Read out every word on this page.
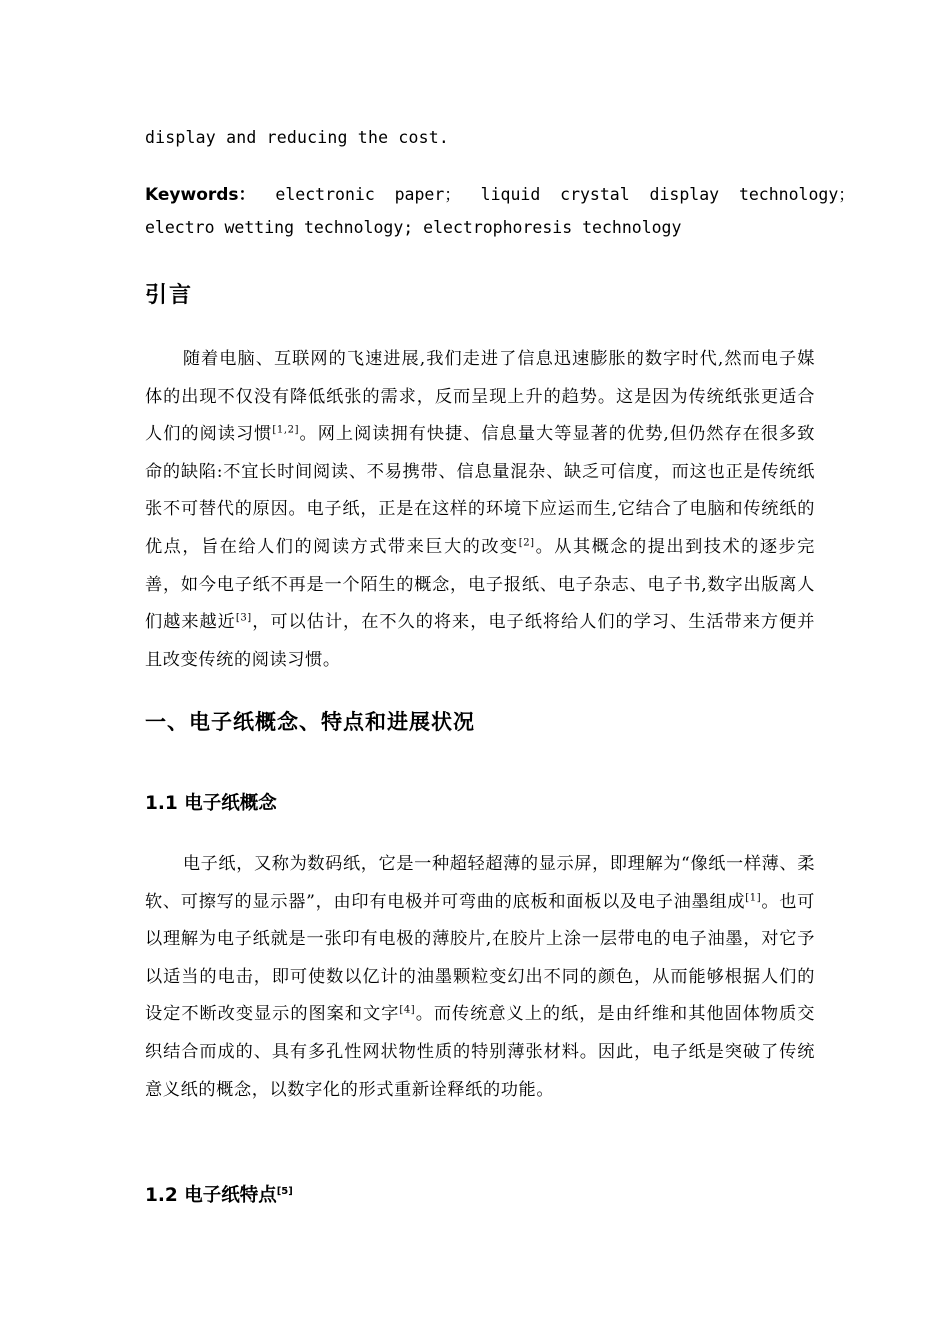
display and reducing the cost.
Keywords： electronic  paper；  liquid  crystal  display  technology；
electro wetting technology; electrophoresis technology
引言

随着电脑、互联网的飞速进展,我们走进了信息迅速膨胀的数字时代,然而电子媒体的出现不仅没有降低纸张的需求，反而呈现上升的趋势。这是因为传统纸张更适合人们的阅读习惯[1,2]。网上阅读拥有快捷、信息量大等显著的优势,但仍然存在很多致命的缺陷:不宜长时间阅读、不易携带、信息量混杂、缺乏可信度，而这也正是传统纸张不可替代的原因。电子纸，正是在这样的环境下应运而生,它结合了电脑和传统纸的优点，旨在给人们的阅读方式带来巨大的改变[2]。从其概念的提出到技术的逐步完善，如今电子纸不再是一个陌生的概念，电子报纸、电子杂志、电子书,数字出版离人们越来越近[3]，可以估计，在不久的将来，电子纸将给人们的学习、生活带来方便并且改变传统的阅读习惯。

一、电子纸概念、特点和进展状况
1.1 电子纸概念

电子纸，又称为数码纸，它是一种超轻超薄的显示屏，即理解为“像纸一样薄、柔软、可擦写的显示器”，由印有电极并可弯曲的底板和面板以及电子油墨组成[1]。也可以理解为电子纸就是一张印有电极的薄胶片,在胶片上涂一层带电的电子油墨，对它予以适当的电击，即可使数以亿计的油墨颗粒变幻出不同的颜色，从而能够根据人们的设定不断改变显示的图案和文字[4]。而传统意义上的纸，是由纤维和其他固体物质交织结合而成的、具有多孔性网状物性质的特别薄张材料。因此，电子纸是突破了传统意义纸的概念，以数字化的形式重新诠释纸的功能。

1.2 电子纸特点[5]
